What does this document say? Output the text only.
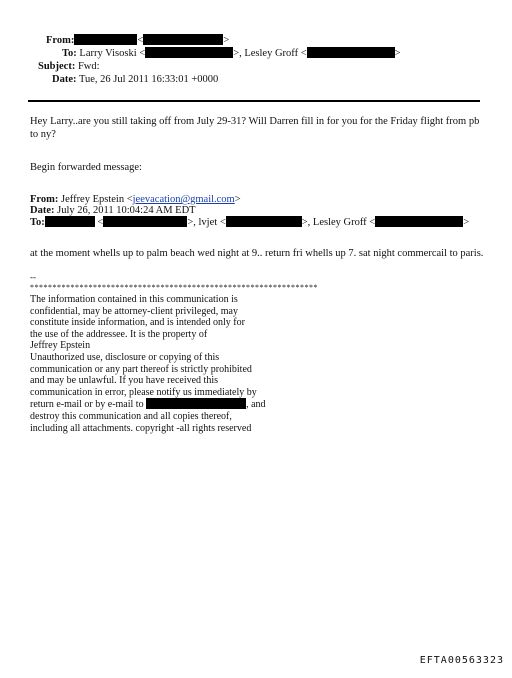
From:	<	>
To: Larry Visoski <	>, Lesley Groff <	>
Subject: Fwd:
Date: Tue, 26 Jul 2011 16:33:01 +0000
Hey Larry..are you still taking off from July 29-31? Will Darren fill in for you for the Friday flight from pb to ny?
Begin forwarded message:
From: Jeffrey Epstein <jeevacation@gmail.com>
Date: July 26, 2011 10:04:24 AM EDT
To:	<	>, lvjet <	>, Lesley Groff <	>
at the moment whells up to palm beach wed night at 9.. return fri whells up 7. sat night commercail to paris.
--
****************************************************************
The information contained in this communication is
confidential, may be attorney-client privileged, may
constitute inside information, and is intended only for
the use of the addressee. It is the property of
Jeffrey Epstein
Unauthorized use, disclosure or copying of this
communication or any part thereof is strictly prohibited
and may be unlawful. If you have received this
communication in error, please notify us immediately by
return e-mail or by e-mail to	, and
destroy this communication and all copies thereof,
including all attachments. copyright -all rights reserved
EFTA00563323
